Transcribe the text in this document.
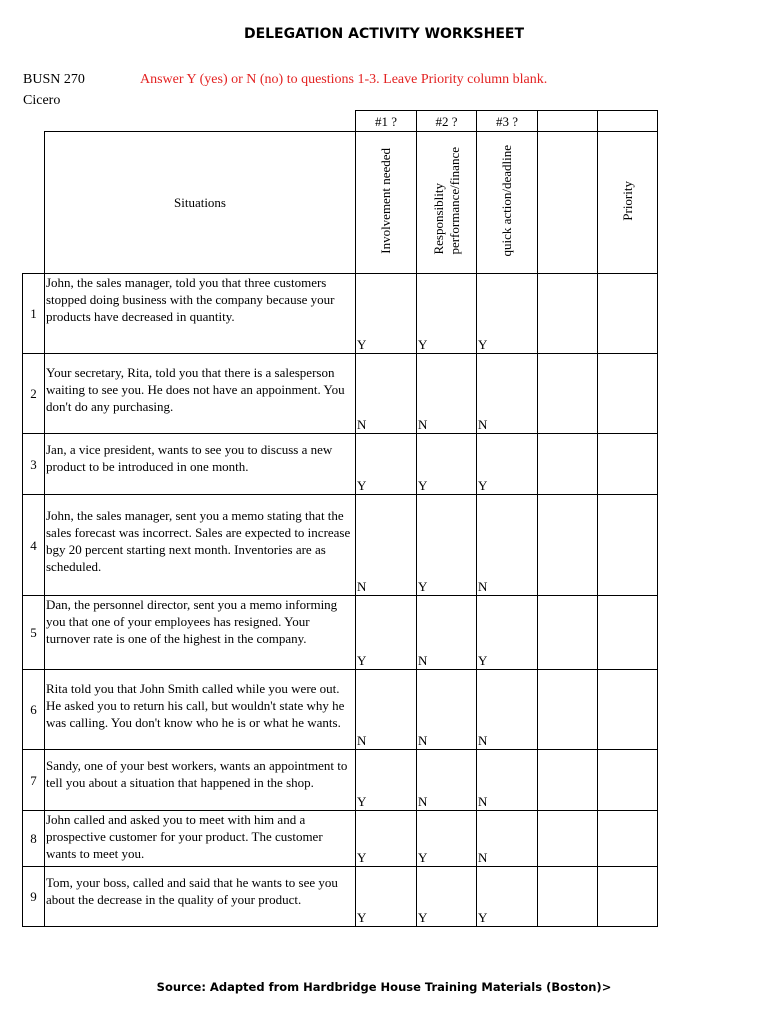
DELEGATION ACTIVITY WORKSHEET
BUSN 270
Cicero
Answer Y (yes) or N (no) to questions 1-3. Leave Priority column blank.
			#1 ?	#2 ?	#3 ?		
	Situations		Involvement needed	Responsiblity
performance/finance	quick action/deadline		Priority
1	John, the sales manager, told you that three customers stopped doing business with the company because your products have decreased in quantity.		Y	Y	Y		
2	Your secretary, Rita, told you that there is a salesperson waiting to see you. He does not have an appoinment. You don't do any purchasing.		N	N	N		
3	Jan, a vice president, wants to see you to discuss a new product to be introduced in one month.		Y	Y	Y		
4	John, the sales manager, sent you a memo stating that the sales forecast was incorrect. Sales are expected to increase bgy 20 percent starting next month. Inventories are as scheduled.		N	Y	N		
5	Dan, the personnel director, sent you a memo informing you that one of your employees has resigned. Your turnover rate is one of the highest in the company.		Y	N	Y		
6	Rita told you that John Smith called while you were out. He asked you to return his call, but wouldn't state why he was calling. You don't know who he is or what he wants.		N	N	N		
7	Sandy, one of your best workers, wants an appointment to tell you about a situation that happened in the shop.		Y	N	N		
8	John called and asked you to meet with him and a prospective customer for your product. The customer wants to meet you.		Y	Y	N		
9	Tom, your boss, called and said that he wants to see you about the decrease in the quality of your product.		Y	Y	Y		
Source: Adapted from Hardbridge House Training Materials (Boston)>
